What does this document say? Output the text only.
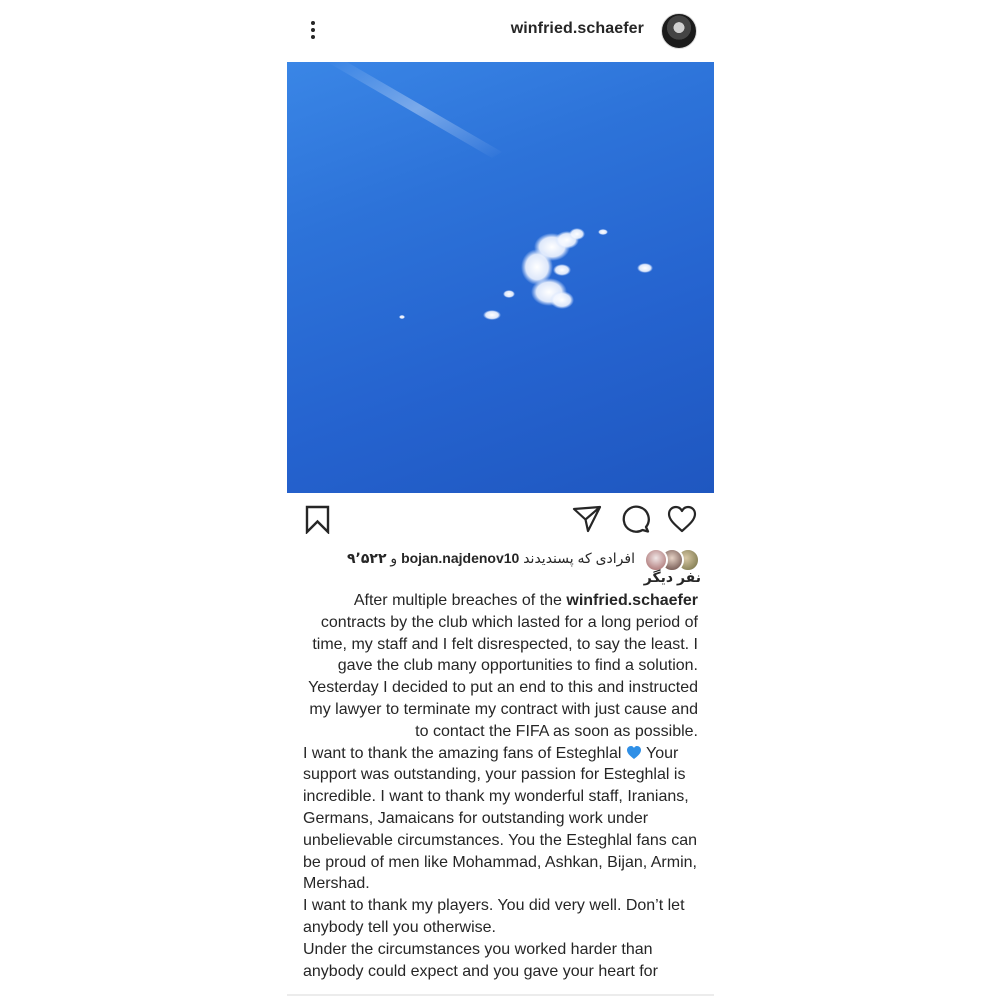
winfried.schaefer
افرادی که پسندیدند bojan.najdenov10 و ۹٬۵۲۲
نفر دیگر
After multiple breaches of the winfried.schaefer contracts by the club which lasted for a long period of time, my staff and I felt disrespected, to say the least. I gave the club many opportunities to find a solution. Yesterday I decided to put an end to this and instructed my lawyer to terminate my contract with just cause and to contact the FIFA as soon as possible.
I want to thank the amazing fans of Esteghlal Your support was outstanding, your passion for Esteghlal is incredible. I want to thank my wonderful staff, Iranians, Germans, Jamaicans for outstanding work under unbelievable circumstances. You the Esteghlal fans can be proud of men like Mohammad, Ashkan, Bijan, Armin, Mershad.
I want to thank my players. You did very well. Don’t let anybody tell you otherwise.
Under the circumstances you worked harder than anybody could expect and you gave your heart for
